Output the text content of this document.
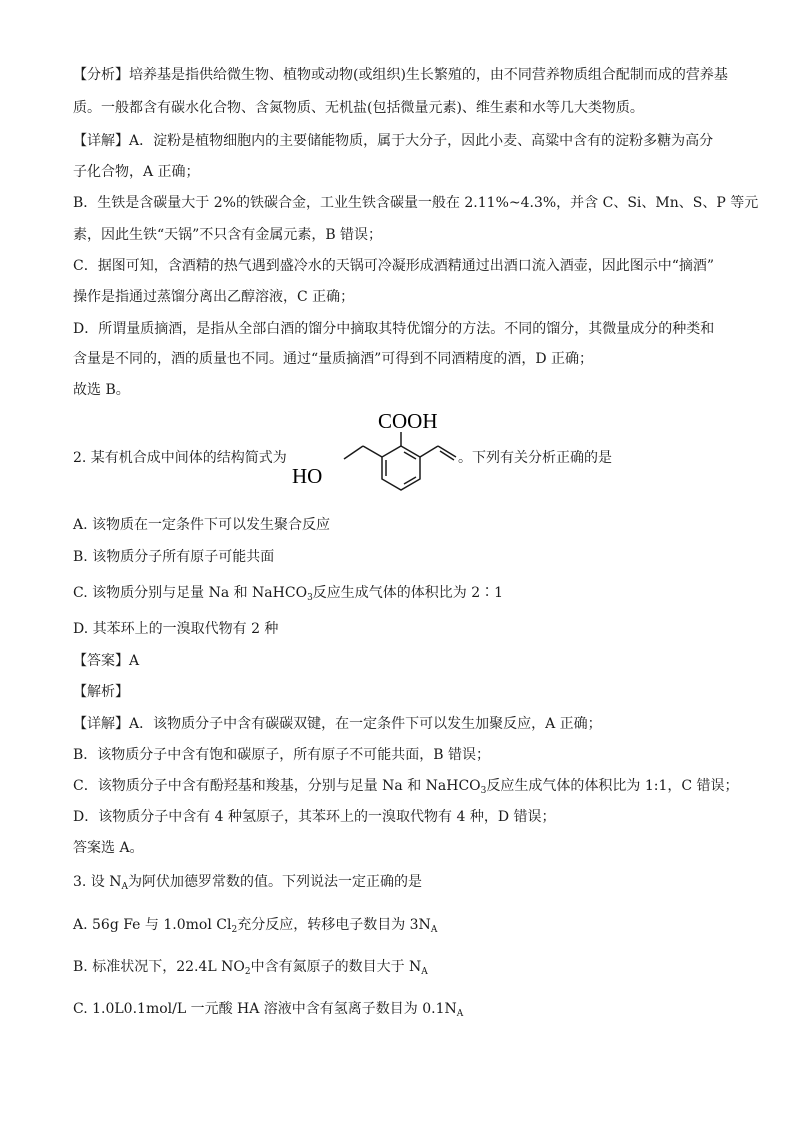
【分析】培养基是指供给微生物、植物或动物(或组织)生长繁殖的，由不同营养物质组合配制而成的营养基
质。一般都含有碳水化合物、含氮物质、无机盐(包括微量元素)、维生素和水等几大类物质。
【详解】A．淀粉是植物细胞内的主要储能物质，属于大分子，因此小麦、高粱中含有的淀粉多糖为高分
子化合物，A 正确；
B．生铁是含碳量大于 2%的铁碳合金，工业生铁含碳量一般在 2.11%~4.3%，并含 C、Si、Mn、S、P 等元
素，因此生铁“天锅”不只含有金属元素，B 错误；
C．据图可知，含酒精的热气遇到盛冷水的天锅可冷凝形成酒精通过出酒口流入酒壶，因此图示中“摘酒”
操作是指通过蒸馏分离出乙醇溶液，C 正确；
D．所谓量质摘酒，是指从全部白酒的馏分中摘取其特优馏分的方法。不同的馏分，其微量成分的种类和
含量是不同的，酒的质量也不同。通过“量质摘酒”可得到不同酒精度的酒，D 正确；
故选 B。
2. 某有机合成中间体的结构简式为
COOH
HO
。下列有关分析正确的是
A. 该物质在一定条件下可以发生聚合反应
B. 该物质分子所有原子可能共面
C. 该物质分别与足量 Na 和 NaHCO$_3$反应生成气体的体积比为 2∶1
D. 其苯环上的一溴取代物有 2 种
【答案】A
【解析】
【详解】A．该物质分子中含有碳碳双键，在一定条件下可以发生加聚反应，A 正确；
B．该物质分子中含有饱和碳原子，所有原子不可能共面，B 错误；
C．该物质分子中含有酚羟基和羧基，分别与足量 Na 和 NaHCO$_3$反应生成气体的体积比为 1:1，C 错误；
D．该物质分子中含有 4 种氢原子，其苯环上的一溴取代物有 4 种，D 错误；
答案选 A。
3. 设 $N_A$为阿伏加德罗常数的值。下列说法一定正确的是
A. 56g Fe 与 1.0mol $Cl_2$充分反应，转移电子数目为 $3N_A$
B. 标准状况下，22.4L $NO_2$中含有氮原子的数目大于 $N_A$
C. 1.0L0.1mol/L 一元酸 HA 溶液中含有氢离子数目为 $0.1N_A$
